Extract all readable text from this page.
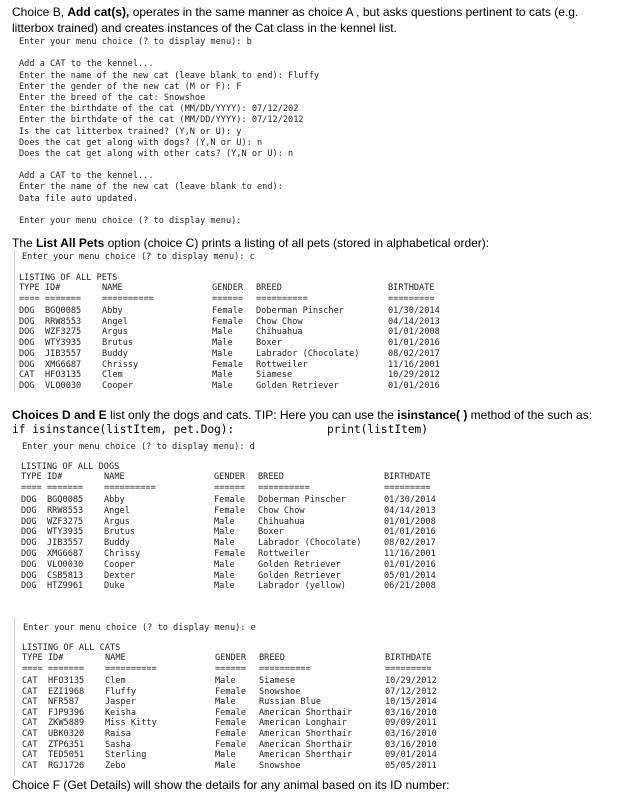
Choice B, Add cat(s), operates in the same manner as choice A , but asks questions pertinent to cats (e.g. litterbox trained) and creates instances of the Cat class in the kennel list.
Enter your menu choice (? to display menu): b
Add a CAT to the kennel...
Enter the name of the new cat (leave blank to end): Fluffy
Enter the gender of the new cat (M or F): F
Enter the breed of the cat: Snowshoe
Enter the birthdate of the cat (MM/DD/YYYY): 07/12/202
Enter the birthdate of the cat (MM/DD/YYYY): 07/12/2012
Is the cat litterbox trained? (Y,N or U): y
Does the cat get along with dogs? (Y,N or U): n
Does the cat get along with other cats? (Y,N or U): n
Add a CAT to the kennel...
Enter the name of the new cat (leave blank to end):
Data file auto updated.
Enter your menu choice (? to display menu):
The List All Pets option (choice C) prints a listing of all pets (stored in alphabetical order):
Enter your menu choice (? to display menu): c
LISTING OF ALL PETS
TYPE ID#	NAME	GENDER BREED	BIRTHDATE
==== ======= ==========	====== ==========	=========
DOG BGQ0085 Abby	Female Doberman Pinscher	01/30/2014
DOG RRW8553 Angel	Female Chow Chow	04/14/2013
DOG WZF3275 Argus	Male	Chihuahua	01/01/2008
DOG WTY3935 Brutus	Male	Boxer	01/01/2016
DOG JIB3557 Buddy	Male	Labrador (Chocolate)	08/02/2017
DOG XMG6687 Chrissy	Female Rottweiler	11/16/2001
CAT HFO3135 Clem	Male	Siamese	10/29/2012
DOG VLO0030 Cooper	Male	Golden Retriever	01/01/2016
Choices D and E list only the dogs and cats. TIP: Here you can use the isinstance( ) method of the such as:
if isinstance(listItem, pet.Dog):	print(listItem)
Enter your menu choice (? to display menu): d
LISTING OF ALL DOGS
TYPE ID#	NAME	GENDER BREED	BIRTHDATE
==== ======= ==========	====== ==========	=========
DOG BGQ0085 Abby	Female Doberman Pinscher	01/30/2014
DOG RRW8553 Angel	Female Chow Chow	04/14/2013
DOG WZF3275 Argus	Male	Chihuahua	01/01/2008
DOG WTY3935 Brutus	Male	Boxer	01/01/2016
DOG JIB3557 Buddy	Male	Labrador (Chocolate)	08/02/2017
DOG XMG6687 Chrissy	Female Rottweiler	11/16/2001
DOG VLO0030 Cooper	Male	Golden Retriever	01/01/2016
DOG CSB5813 Dexter	Male	Golden Retriever	05/01/2014
DOG HTZ9961 Duke	Male	Labrador (yellow)	06/21/2008
Enter your menu choice (? to display menu): e
LISTING OF ALL CATS
TYPE ID#	NAME	GENDER BREED	BIRTHDATE
==== ======= ==========	====== ==========	=========
CAT HFO3135 Clem	Male	Siamese	10/29/2012
CAT EZI1968 Fluffy	Female Snowshoe	07/12/2012
CAT NFR587	Jasper	Male	Russian Blue	10/15/2014
CAT FJP9396 Keisha	Female American Shorthair	03/16/2010
CAT ZKW5889 Miss Kitty	Female American Longhair	09/09/2011
CAT UBK0320 Raisa	Female American Shorthair	03/16/2010
CAT ZTP6351 Sasha	Female American Shorthair	03/16/2010
CAT TED5051 Sterling	Male	American Shorthair	09/01/2014
CAT RGJ1726 Zebo	Male	Snowshoe	05/05/2011
Choice F (Get Details) will show the details for any animal based on its ID number:
